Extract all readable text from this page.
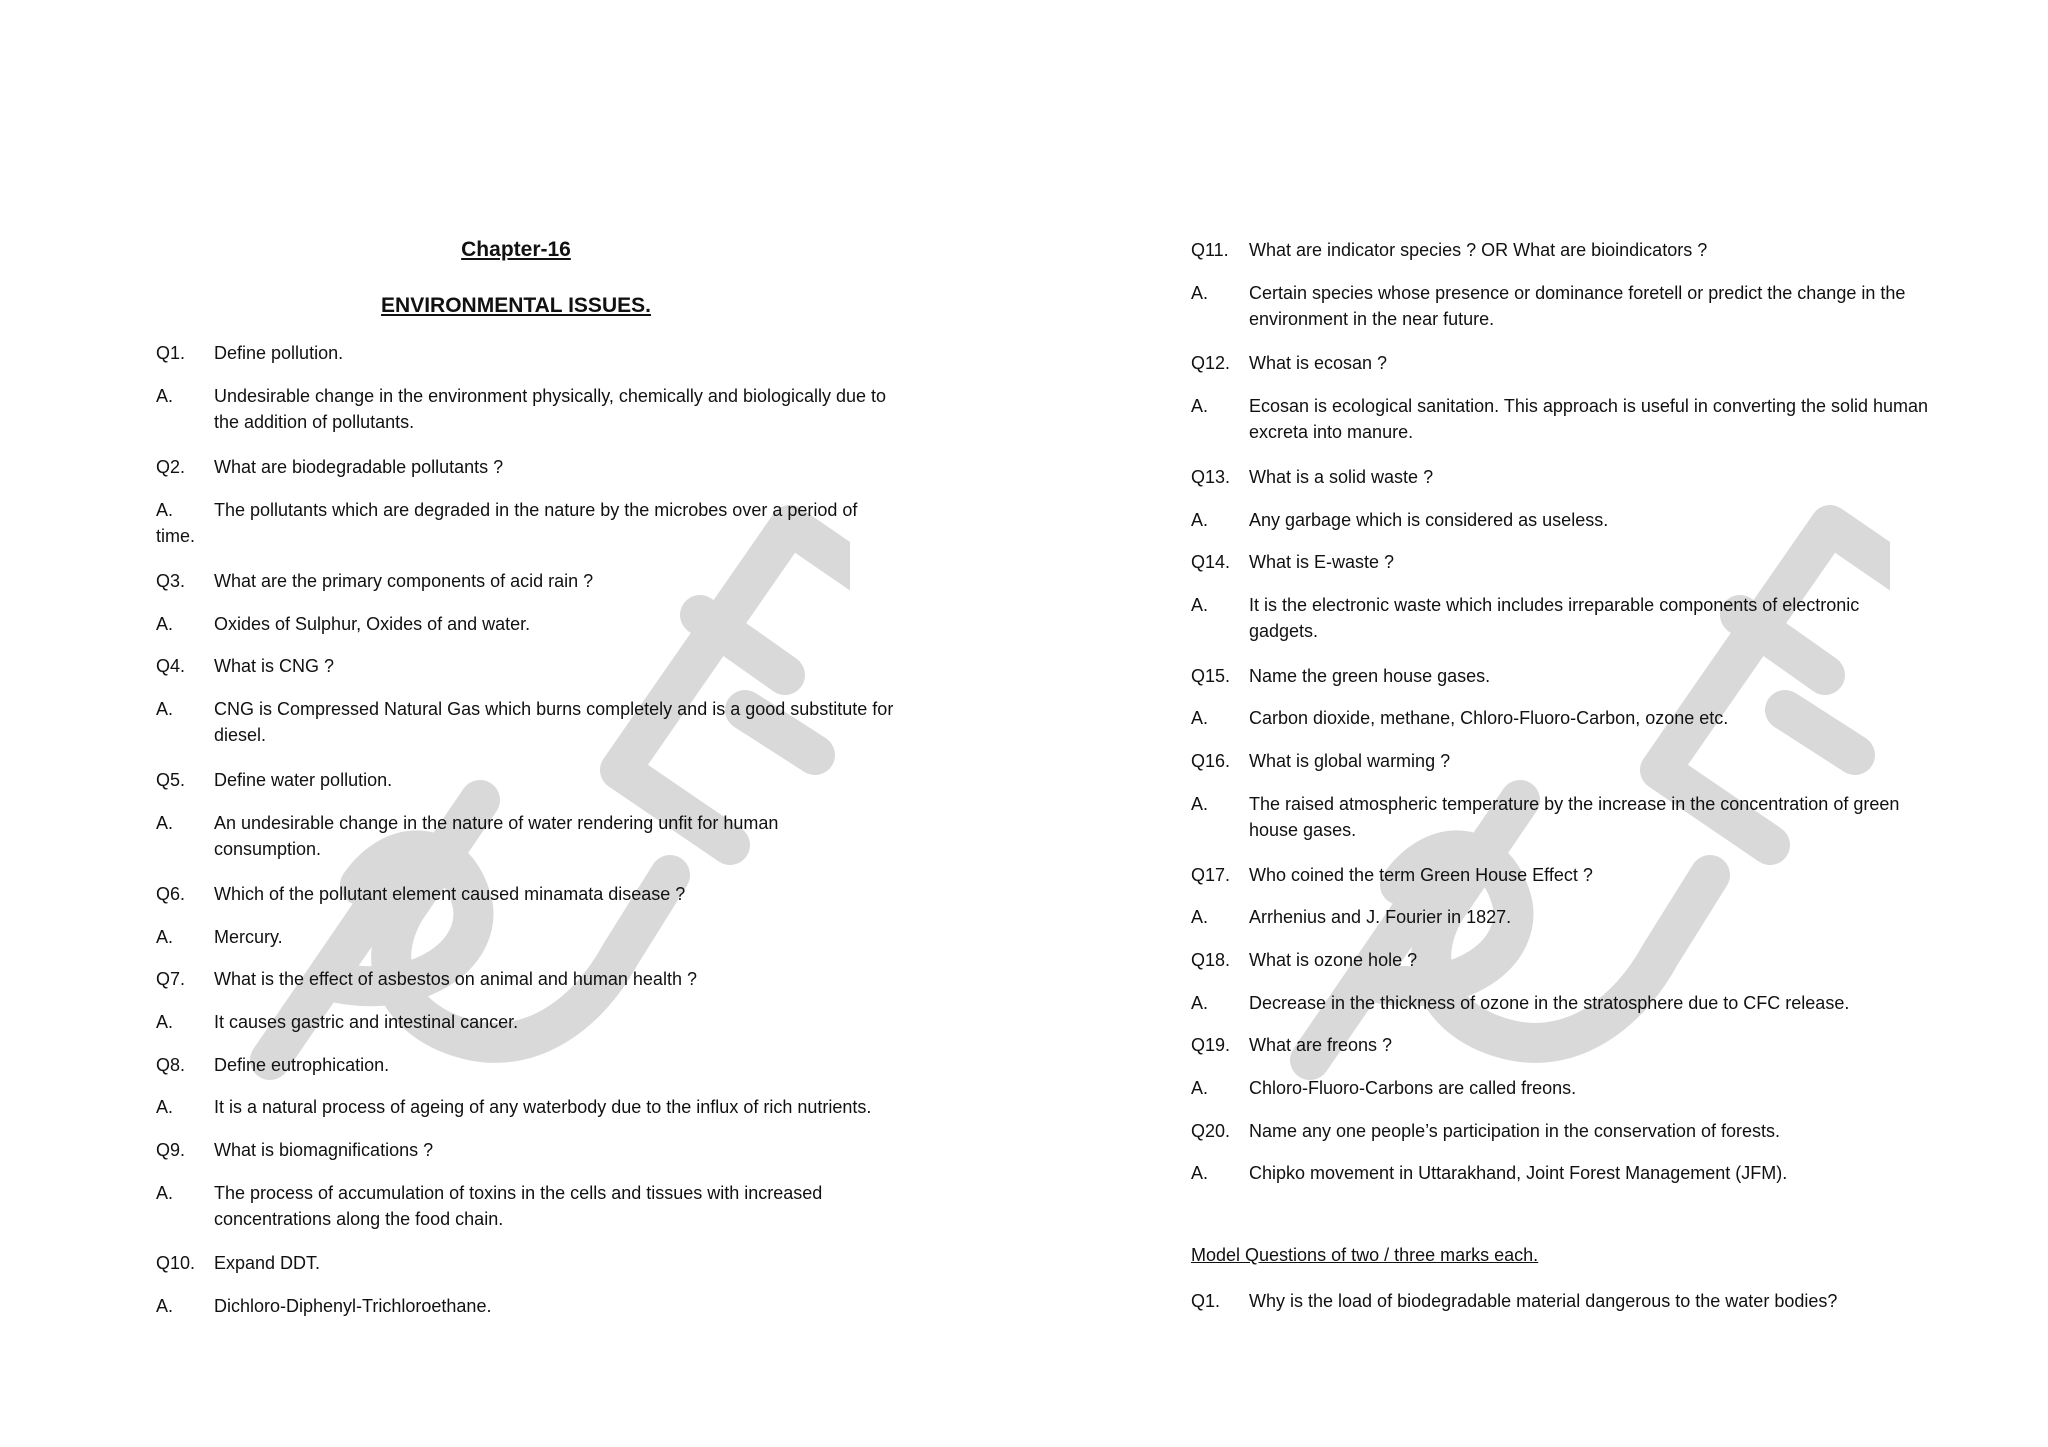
Chapter-16
ENVIRONMENTAL ISSUES.
Q1.	Define pollution.
A.	Undesirable change in the environment physically, chemically and biologically due to
the addition of pollutants.
Q2.	What are biodegradable pollutants ?
A.	The pollutants which are degraded in the nature by the microbes over a period of
time.
Q3.	What are the primary components of acid rain ?
A.	Oxides of Sulphur, Oxides of and water.
Q4.	What is CNG ?
A.	CNG is Compressed Natural Gas which burns completely and is a good substitute for
diesel.
Q5.	Define water pollution.
A.	An undesirable change in the nature of water rendering unfit for human
consumption.
Q6.	Which of the pollutant element caused minamata disease ?
A.	Mercury.
Q7.	What is the effect of asbestos on animal and human health ?
A.	It causes gastric and intestinal cancer.
Q8.	Define eutrophication.
A.	It is a natural process of ageing of any waterbody due to the influx of rich nutrients.
Q9.	What is biomagnifications ?
A.	The process of accumulation of toxins in the cells and tissues with increased
concentrations along the food chain.
Q10.	Expand DDT.
A.	Dichloro-Diphenyl-Trichloroethane.
Q11.	What are indicator species ? OR What are bioindicators ?
A.	Certain species whose presence or dominance foretell or predict the change in the
environment in the near future.
Q12.	What is ecosan ?
A.	Ecosan is ecological sanitation. This approach is useful in converting the solid human
excreta into manure.
Q13.	What is a solid waste ?
A.	Any garbage which is considered as useless.
Q14.	What is E-waste ?
A.	It is the electronic waste which includes irreparable components of electronic
gadgets.
Q15.	Name the green house gases.
A.	Carbon dioxide, methane, Chloro-Fluoro-Carbon, ozone etc.
Q16.	What is global warming ?
A.	The raised atmospheric temperature by the increase in the concentration of green
house gases.
Q17.	Who coined the term Green House Effect ?
A.	Arrhenius and J. Fourier in 1827.
Q18.	What is ozone hole ?
A.	Decrease in the thickness of ozone in the stratosphere due to CFC release.
Q19.	What are freons ?
A.	Chloro-Fluoro-Carbons are called freons.
Q20.	Name any one people’s participation in the conservation of forests.
A.	Chipko movement in Uttarakhand, Joint Forest Management (JFM).
Model Questions of two / three marks each.
Q1.	Why is the load of biodegradable material dangerous to the water bodies?
